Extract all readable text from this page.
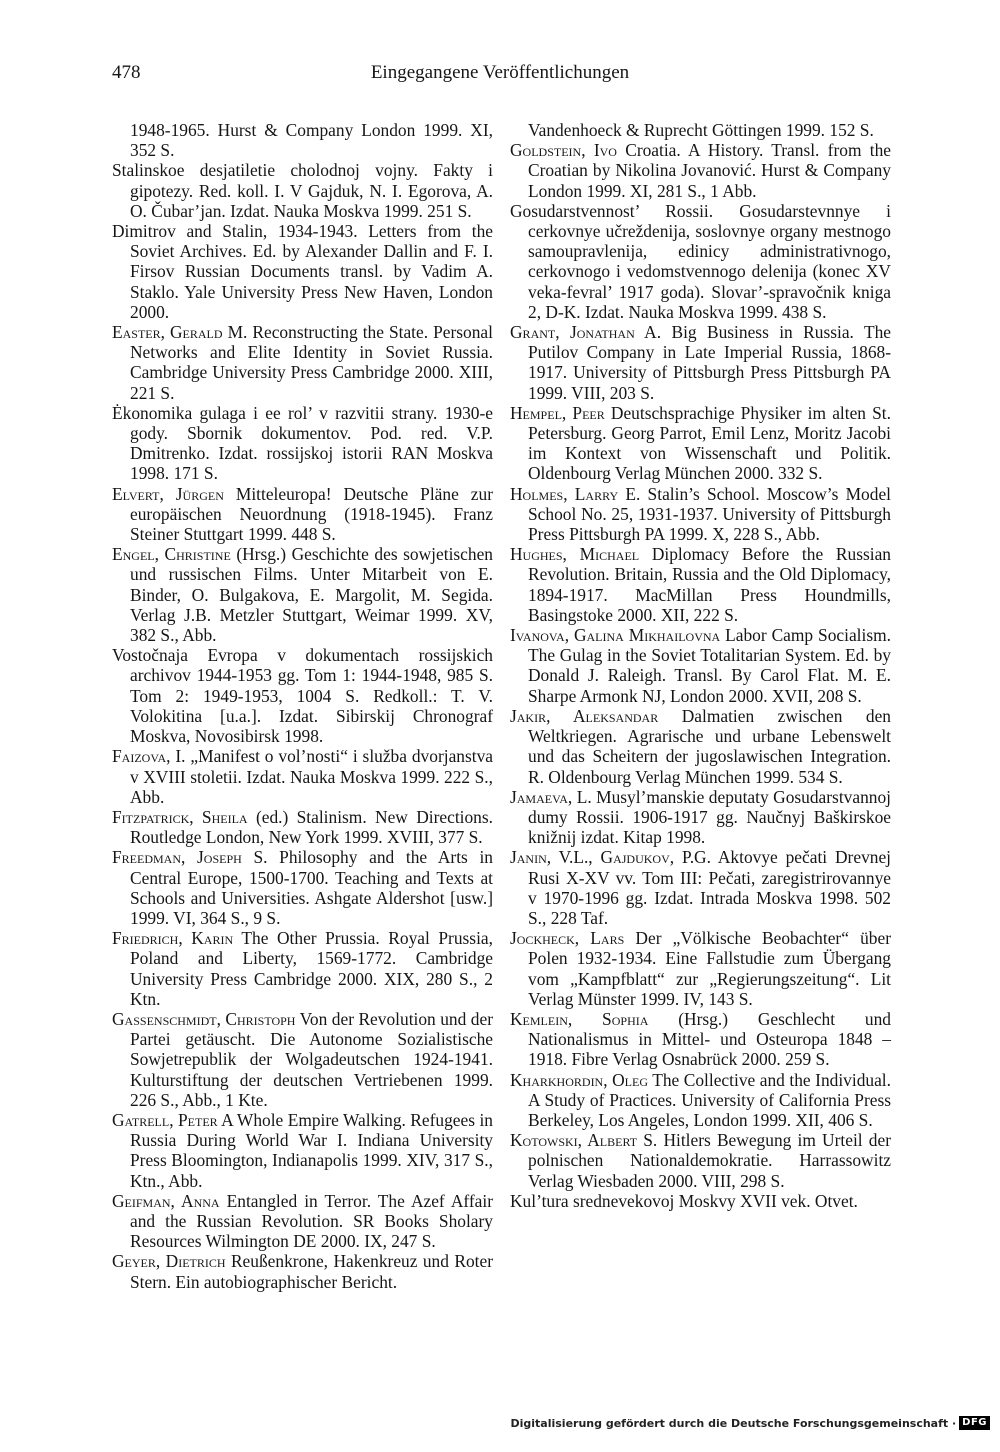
478	Eingegangene Veröffentlichungen

1948-1965. Hurst & Company London 1999. XI, 352 S.

Stalinskoe desjatiletie cholodnoj vojny. Fakty i gipotezy. Red. koll. I. V Gajduk, N. I. Egorova, A. O. Čubar’jan. Izdat. Nauka Moskva 1999. 251 S.

Dimitrov and Stalin, 1934-1943. Letters from the Soviet Archives. Ed. by Alexander Dallin and F. I. Firsov Russian Documents transl. by Vadim A. Staklo. Yale University Press New Haven, London 2000.

Easter, Gerald M. Reconstructing the State. Personal Networks and Elite Identity in Soviet Russia. Cambridge University Press Cambridge 2000. XIII, 221 S.

Ėkonomika gulaga i ee rol’ v razvitii strany. 1930-e gody. Sbornik dokumentov. Pod. red. V.P. Dmitrenko. Izdat. rossijskoj istorii RAN Moskva 1998. 171 S.

Elvert, Jürgen Mitteleuropa! Deutsche Pläne zur europäischen Neuordnung (1918-1945). Franz Steiner Stuttgart 1999. 448 S.

Engel, Christine (Hrsg.) Geschichte des sowjetischen und russischen Films. Unter Mitarbeit von E. Binder, O. Bulgakova, E. Margolit, M. Segida. Verlag J.B. Metzler Stuttgart, Weimar 1999. XV, 382 S., Abb.

Vostočnaja Evropa v dokumentach rossijskich archivov 1944-1953 gg. Tom 1: 1944-1948, 985 S. Tom 2: 1949-1953, 1004 S. Redkoll.: T. V. Volokitina [u.a.]. Izdat. Sibirskij Chronograf Moskva, Novosibirsk 1998.

Faizova, I. „Manifest o vol’nosti“ i služba dvorjanstva v XVIII stoletii. Izdat. Nauka Moskva 1999. 222 S., Abb.

Fitzpatrick, Sheila (ed.) Stalinism. New Directions. Routledge London, New York 1999. XVIII, 377 S.

Freedman, Joseph S. Philosophy and the Arts in Central Europe, 1500-1700. Teaching and Texts at Schools and Universities. Ashgate Aldershot [usw.] 1999. VI, 364 S., 9 S.

Friedrich, Karin The Other Prussia. Royal Prussia, Poland and Liberty, 1569-1772. Cambridge University Press Cambridge 2000. XIX, 280 S., 2 Ktn.

Gassenschmidt, Christoph Von der Revolution und der Partei getäuscht. Die Autonome Sozialistische Sowjetrepublik der Wolgadeutschen 1924-1941. Kulturstiftung der deutschen Vertriebenen 1999. 226 S., Abb., 1 Kte.

Gatrell, Peter A Whole Empire Walking. Refugees in Russia During World War I. Indiana University Press Bloomington, Indianapolis 1999. XIV, 317 S., Ktn., Abb.

Geifman, Anna Entangled in Terror. The Azef Affair and the Russian Revolution. SR Books Sholary Resources Wilmington DE 2000. IX, 247 S.

Geyer, Dietrich Reußenkrone, Hakenkreuz und Roter Stern. Ein autobiographischer Bericht.

Vandenhoeck & Ruprecht Göttingen 1999. 152 S.

Goldstein, Ivo Croatia. A History. Transl. from the Croatian by Nikolina Jovanović. Hurst & Company London 1999. XI, 281 S., 1 Abb.

Gosudarstvennost’ Rossii. Gosudarstevnnye i cerkovnye učreždenija, soslovnye organy mestnogo samoupravlenija, edinicy administrativnogo, cerkovnogo i vedomstvennogo delenija (konec XV veka-fevral’ 1917 goda). Slovar’-spravočnik kniga 2, D-K. Izdat. Nauka Moskva 1999. 438 S.

Grant, Jonathan A. Big Business in Russia. The Putilov Company in Late Imperial Russia, 1868-1917. University of Pittsburgh Press Pittsburgh PA 1999. VIII, 203 S.

Hempel, Peer Deutschsprachige Physiker im alten St. Petersburg. Georg Parrot, Emil Lenz, Moritz Jacobi im Kontext von Wissenschaft und Politik. Oldenbourg Verlag München 2000. 332 S.

Holmes, Larry E. Stalin’s School. Moscow’s Model School No. 25, 1931-1937. University of Pittsburgh Press Pittsburgh PA 1999. X, 228 S., Abb.

Hughes, Michael Diplomacy Before the Russian Revolution. Britain, Russia and the Old Diplomacy, 1894-1917. MacMillan Press Houndmills, Basingstoke 2000. XII, 222 S.

Ivanova, Galina Mikhailovna Labor Camp Socialism. The Gulag in the Soviet Totalitarian System. Ed. by Donald J. Raleigh. Transl. By Carol Flat. M. E. Sharpe Armonk NJ, London 2000. XVII, 208 S.

Jakir, Aleksandar Dalmatien zwischen den Weltkriegen. Agrarische und urbane Lebenswelt und das Scheitern der jugoslawischen Integration. R. Oldenbourg Verlag München 1999. 534 S.

Jamaeva, L. Musyl’manskie deputaty Gosudarstvannoj dumy Rossii. 1906-1917 gg. Naučnyj Baškirskoe knižnij izdat. Kitap 1998.

Janin, V.L., Gajdukov, P.G. Aktovye pečati Drevnej Rusi X-XV vv. Tom III: Pečati, zaregistrirovannye v 1970-1996 gg. Izdat. Intrada Moskva 1998. 502 S., 228 Taf.

Jockheck, Lars Der „Völkische Beobachter“ über Polen 1932-1934. Eine Fallstudie zum Übergang vom „Kampfblatt“ zur „Regierungszeitung“. Lit Verlag Münster 1999. IV, 143 S.

Kemlein, Sophia (Hrsg.) Geschlecht und Nationalismus in Mittel- und Osteuropa 1848 – 1918. Fibre Verlag Osnabrück 2000. 259 S.

Kharkhordin, Oleg The Collective and the Individual. A Study of Practices. University of California Press Berkeley, Los Angeles, London 1999. XII, 406 S.

Kotowski, Albert S. Hitlers Bewegung im Urteil der polnischen Nationaldemokratie. Harrassowitz Verlag Wiesbaden 2000. VIII, 298 S.

Kul’tura srednevekovoj Moskvy XVII vek. Otvet.

Digitalisierung gefördert durch die Deutsche Forschungsgemeinschaft · DFG
